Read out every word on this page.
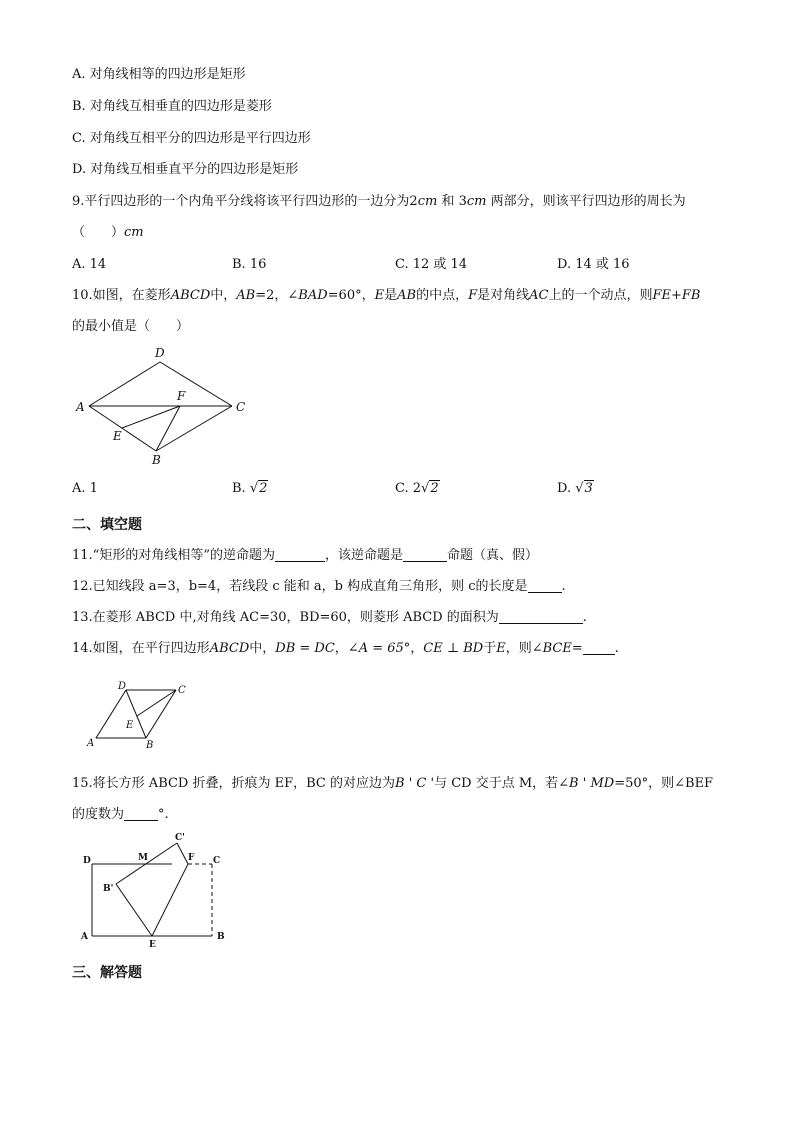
A. 对角线相等的四边形是矩形
B. 对角线互相垂直的四边形是菱形
C. 对角线互相平分的四边形是平行四边形
D. 对角线互相垂直平分的四边形是矩形
9.平行四边形的一个内角平分线将该平行四边形的一边分为2cm 和 3cm 两部分，则该平行四边形的周长为
（　　）cm
A. 14	B. 16	C. 12 或 14	D. 14 或 16
10.如图，在菱形ABCD中，AB=2，∠BAD=60°，E是AB的中点，F是对角线AC上的一个动点，则FE+FB
的最小值是（　　）
D
A
F
C
E
B
A. 1	B. √2	C. 2√2	D. √3
二、填空题
11.“矩形的对角线相等”的逆命题为	，该逆命题是	命题（真、假）
12.已知线段 a=3，b=4，若线段 c 能和 a，b 构成直角三角形，则 c的长度是	.
13.在菱形 ABCD 中,对角线 AC=30，BD=60，则菱形 ABCD 的面积为	.
14.如图，在平行四边形ABCD中，DB = DC，∠A = 65°，CE ⊥ BD于E，则∠BCE= .
D	C
E
A	B
15.将长方形 ABCD 折叠，折痕为 EF，BC 的对应边为B ' C '与 CD 交于点 M，若∠B ' MD=50°，则∠BEF
的度数为	°.
C'
D	M	F C
B'
A
E
B
三、解答题
